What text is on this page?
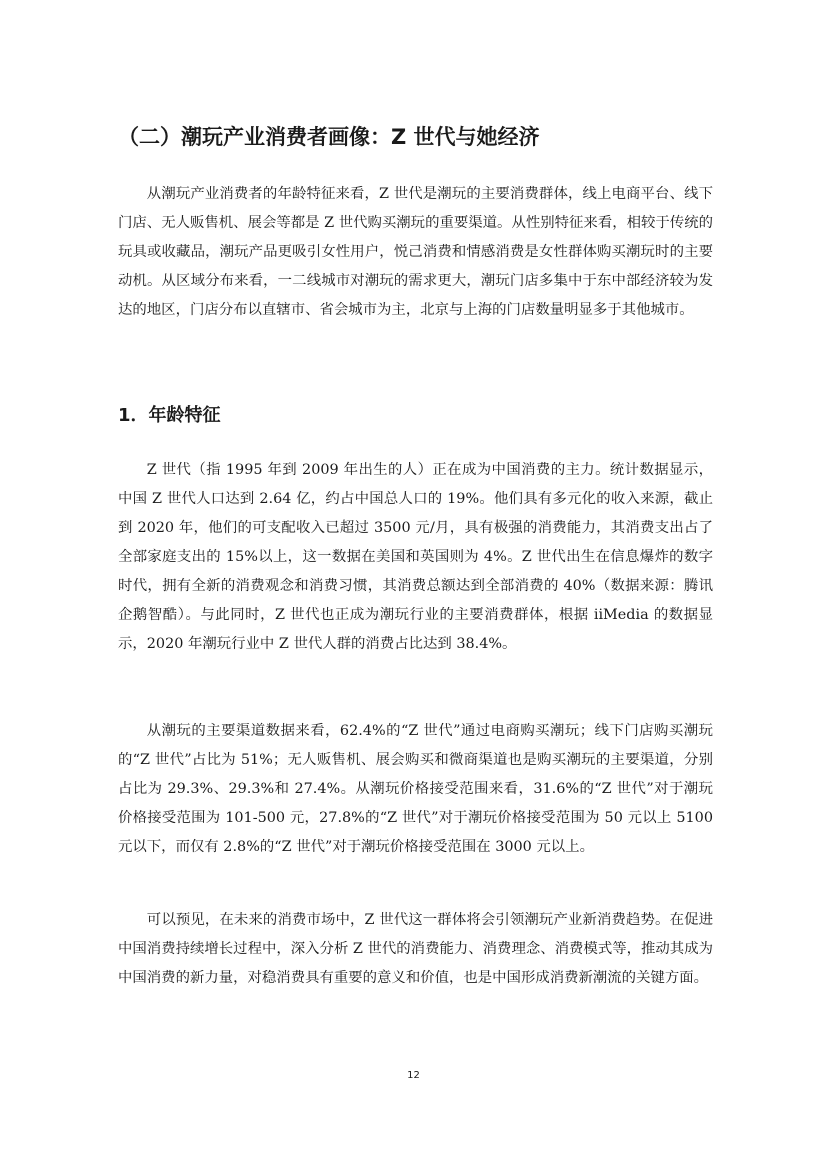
（二）潮玩产业消费者画像：Z 世代与她经济

从潮玩产业消费者的年龄特征来看，Z 世代是潮玩的主要消费群体，线上电商平台、线下门店、无人贩售机、展会等都是 Z 世代购买潮玩的重要渠道。从性别特征来看，相较于传统的玩具或收藏品，潮玩产品更吸引女性用户，悦己消费和情感消费是女性群体购买潮玩时的主要动机。从区域分布来看，一二线城市对潮玩的需求更大，潮玩门店多集中于东中部经济较为发达的地区，门店分布以直辖市、省会城市为主，北京与上海的门店数量明显多于其他城市。

1．年龄特征

Z 世代（指 1995 年到 2009 年出生的人）正在成为中国消费的主力。统计数据显示，中国 Z 世代人口达到 2.64 亿，约占中国总人口的 19%。他们具有多元化的收入来源，截止到 2020 年，他们的可支配收入已超过 3500 元/月，具有极强的消费能力，其消费支出占了全部家庭支出的 15%以上，这一数据在美国和英国则为 4%。Z 世代出生在信息爆炸的数字时代，拥有全新的消费观念和消费习惯，其消费总额达到全部消费的 40%（数据来源：腾讯企鹅智酷）。与此同时，Z 世代也正成为潮玩行业的主要消费群体，根据 iiMedia 的数据显示，2020 年潮玩行业中 Z 世代人群的消费占比达到 38.4%。

从潮玩的主要渠道数据来看，62.4%的“Z 世代”通过电商购买潮玩；线下门店购买潮玩的“Z 世代”占比为 51%；无人贩售机、展会购买和微商渠道也是购买潮玩的主要渠道，分别占比为 29.3%、29.3%和 27.4%。从潮玩价格接受范围来看，31.6%的“Z 世代”对于潮玩价格接受范围为 101-500 元，27.8%的“Z 世代”对于潮玩价格接受范围为 50 元以上 5100 元以下，而仅有 2.8%的“Z 世代”对于潮玩价格接受范围在 3000 元以上。

可以预见，在未来的消费市场中，Z 世代这一群体将会引领潮玩产业新消费趋势。在促进中国消费持续增长过程中，深入分析 Z 世代的消费能力、消费理念、消费模式等，推动其成为中国消费的新力量，对稳消费具有重要的意义和价值，也是中国形成消费新潮流的关键方面。

12
